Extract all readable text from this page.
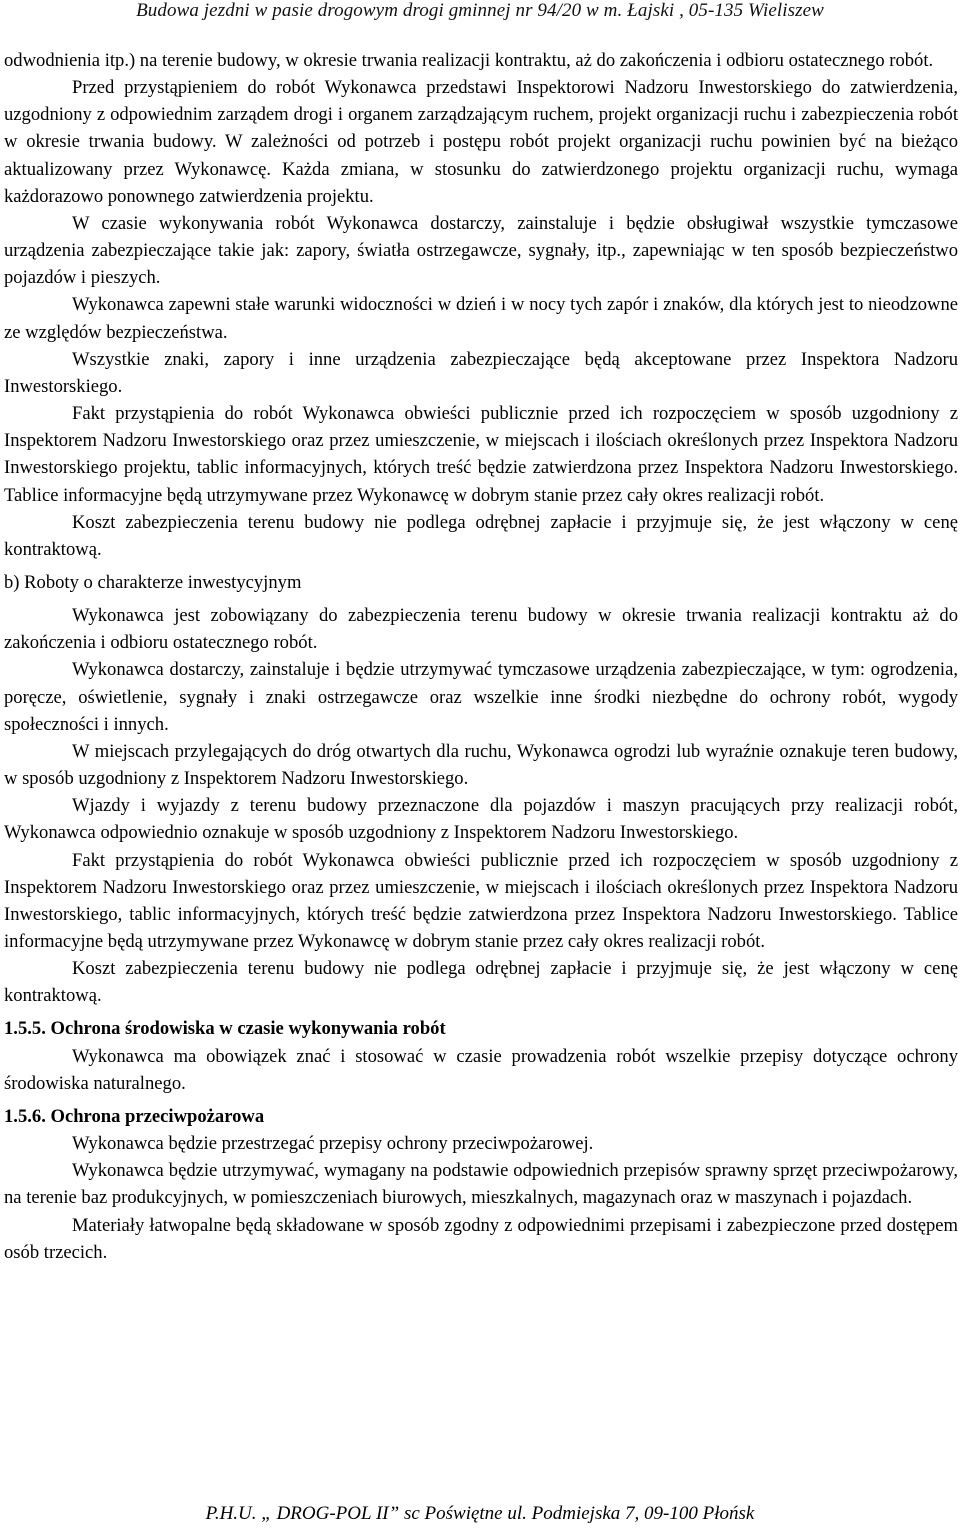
Budowa jezdni w pasie drogowym drogi gminnej nr 94/20 w m. Łajski , 05-135 Wieliszew

odwodnienia itp.) na terenie budowy, w okresie trwania realizacji kontraktu, aż do zakończenia i odbioru ostatecznego robót.

Przed przystąpieniem do robót Wykonawca przedstawi Inspektorowi Nadzoru Inwestorskiego do zatwierdzenia, uzgodniony z odpowiednim zarządem drogi i organem zarządzającym ruchem, projekt organizacji ruchu i zabezpieczenia robót w okresie trwania budowy. W zależności od potrzeb i postępu robót projekt organizacji ruchu powinien być na bieżąco aktualizowany przez Wykonawcę. Każda zmiana, w stosunku do zatwierdzonego projektu organizacji ruchu, wymaga każdorazowo ponownego zatwierdzenia projektu.

W czasie wykonywania robót Wykonawca dostarczy, zainstaluje i będzie obsługiwał wszystkie tymczasowe urządzenia zabezpieczające takie jak: zapory, światła ostrzegawcze, sygnały, itp., zapewniając w ten sposób bezpieczeństwo pojazdów i pieszych.

Wykonawca zapewni stałe warunki widoczności w dzień i w nocy tych zapór i znaków, dla których jest to nieodzowne ze względów bezpieczeństwa.

Wszystkie znaki, zapory i inne urządzenia zabezpieczające będą akceptowane przez Inspektora Nadzoru Inwestorskiego.

Fakt przystąpienia do robót Wykonawca obwieści publicznie przed ich rozpoczęciem w sposób uzgodniony z Inspektorem Nadzoru Inwestorskiego oraz przez umieszczenie, w miejscach i ilościach określonych przez Inspektora Nadzoru Inwestorskiego projektu, tablic informacyjnych, których treść będzie zatwierdzona przez Inspektora Nadzoru Inwestorskiego. Tablice informacyjne będą utrzymywane przez Wykonawcę w dobrym stanie przez cały okres realizacji robót.

Koszt zabezpieczenia terenu budowy nie podlega odrębnej zapłacie i przyjmuje się, że jest włączony w cenę kontraktową.

b) Roboty o charakterze inwestycyjnym

Wykonawca jest zobowiązany do zabezpieczenia terenu budowy w okresie trwania realizacji kontraktu aż do zakończenia i odbioru ostatecznego robót.

Wykonawca dostarczy, zainstaluje i będzie utrzymywać tymczasowe urządzenia zabezpieczające, w tym: ogrodzenia, poręcze, oświetlenie, sygnały i znaki ostrzegawcze oraz wszelkie inne środki niezbędne do ochrony robót, wygody społeczności i innych.

W miejscach przylegających do dróg otwartych dla ruchu, Wykonawca ogrodzi lub wyraźnie oznakuje teren budowy, w sposób uzgodniony z Inspektorem Nadzoru Inwestorskiego.

Wjazdy i wyjazdy z terenu budowy przeznaczone dla pojazdów i maszyn pracujących przy realizacji robót, Wykonawca odpowiednio oznakuje w sposób uzgodniony z Inspektorem Nadzoru Inwestorskiego.

Fakt przystąpienia do robót Wykonawca obwieści publicznie przed ich rozpoczęciem w sposób uzgodniony z Inspektorem Nadzoru Inwestorskiego oraz przez umieszczenie, w miejscach i ilościach określonych przez Inspektora Nadzoru Inwestorskiego, tablic informacyjnych, których treść będzie zatwierdzona przez Inspektora Nadzoru Inwestorskiego. Tablice informacyjne będą utrzymywane przez Wykonawcę w dobrym stanie przez cały okres realizacji robót.

Koszt zabezpieczenia terenu budowy nie podlega odrębnej zapłacie i przyjmuje się, że jest włączony w cenę kontraktową.

1.5.5. Ochrona środowiska w czasie wykonywania robót

Wykonawca ma obowiązek znać i stosować w czasie prowadzenia robót wszelkie przepisy dotyczące ochrony środowiska naturalnego.

1.5.6. Ochrona przeciwpożarowa

Wykonawca będzie przestrzegać przepisy ochrony przeciwpożarowej.

Wykonawca będzie utrzymywać, wymagany na podstawie odpowiednich przepisów sprawny sprzęt przeciwpożarowy, na terenie baz produkcyjnych, w pomieszczeniach biurowych, mieszkalnych, magazynach oraz w maszynach i pojazdach.

Materiały łatwopalne będą składowane w sposób zgodny z odpowiednimi przepisami i zabezpieczone przed dostępem osób trzecich.

P.H.U. „ DROG-POL II” sc Poświętne ul. Podmiejska 7, 09-100 Płońsk
